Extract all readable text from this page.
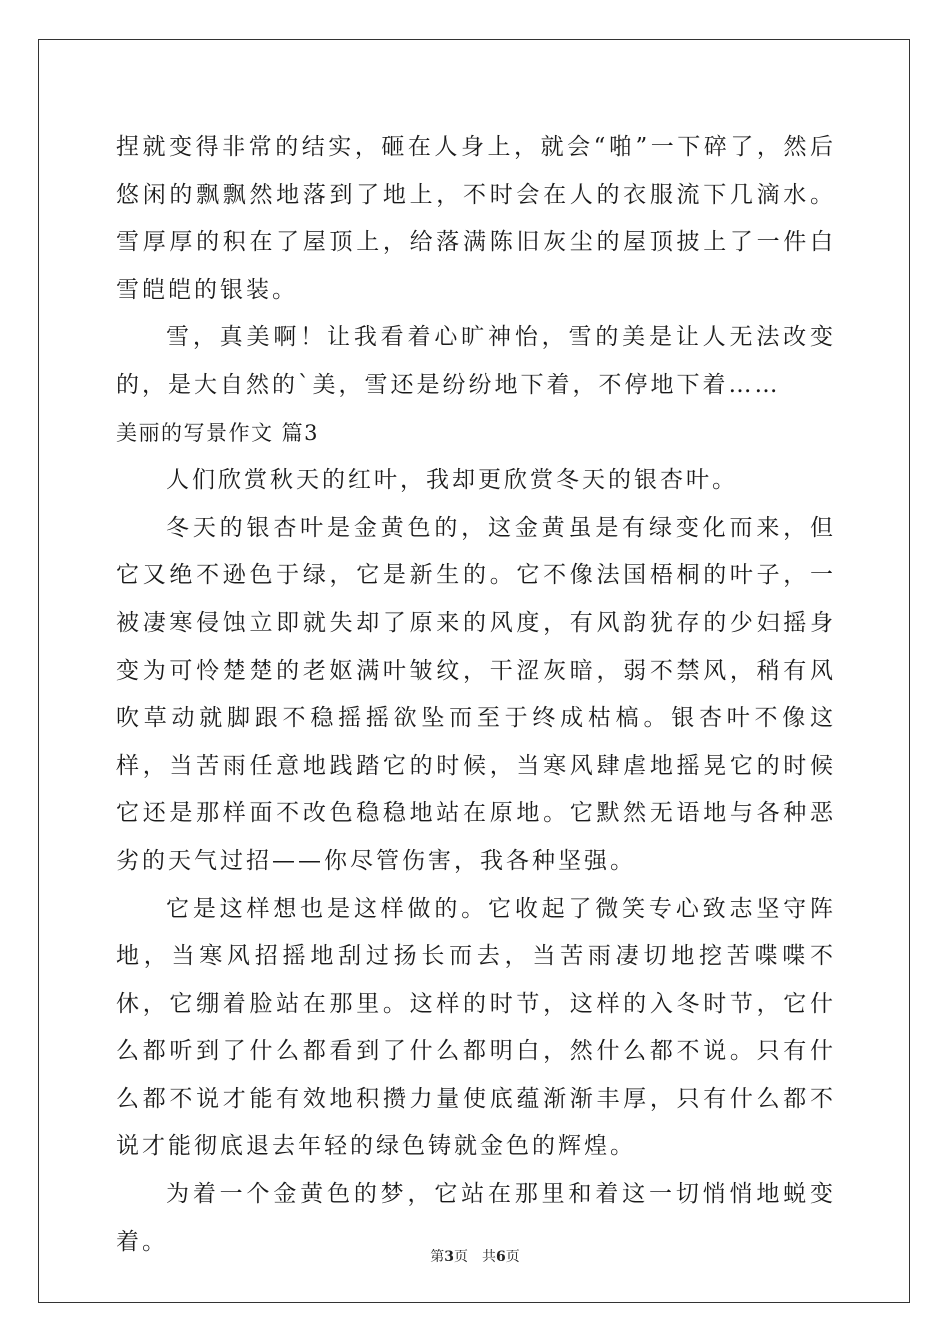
捏就变得非常的结实，砸在人身上，就会“啪”一下碎了，然后悠闲的飘飘然地落到了地上，不时会在人的衣服流下几滴水。雪厚厚的积在了屋顶上，给落满陈旧灰尘的屋顶披上了一件白雪皑皑的银装。

雪，真美啊！让我看着心旷神怡，雪的美是让人无法改变的，是大自然的`美，雪还是纷纷地下着，不停地下着……

美丽的写景作文 篇3

人们欣赏秋天的红叶，我却更欣赏冬天的银杏叶。

冬天的银杏叶是金黄色的，这金黄虽是有绿变化而来，但它又绝不逊色于绿，它是新生的。它不像法国梧桐的叶子，一被凄寒侵蚀立即就失却了原来的风度，有风韵犹存的少妇摇身变为可怜楚楚的老妪满叶皱纹，干涩灰暗，弱不禁风，稍有风吹草动就脚跟不稳摇摇欲坠而至于终成枯槁。银杏叶不像这样，当苦雨任意地践踏它的时候，当寒风肆虐地摇晃它的时候它还是那样面不改色稳稳地站在原地。它默然无语地与各种恶劣的天气过招——你尽管伤害，我各种坚强。

它是这样想也是这样做的。它收起了微笑专心致志坚守阵地，当寒风招摇地刮过扬长而去，当苦雨凄切地挖苦喋喋不休，它绷着脸站在那里。这样的时节，这样的入冬时节，它什么都听到了什么都看到了什么都明白，然什么都不说。只有什么都不说才能有效地积攒力量使底蕴渐渐丰厚，只有什么都不说才能彻底退去年轻的绿色铸就金色的辉煌。

为着一个金黄色的梦，它站在那里和着这一切悄悄地蜕变着。

第3页 共6页
